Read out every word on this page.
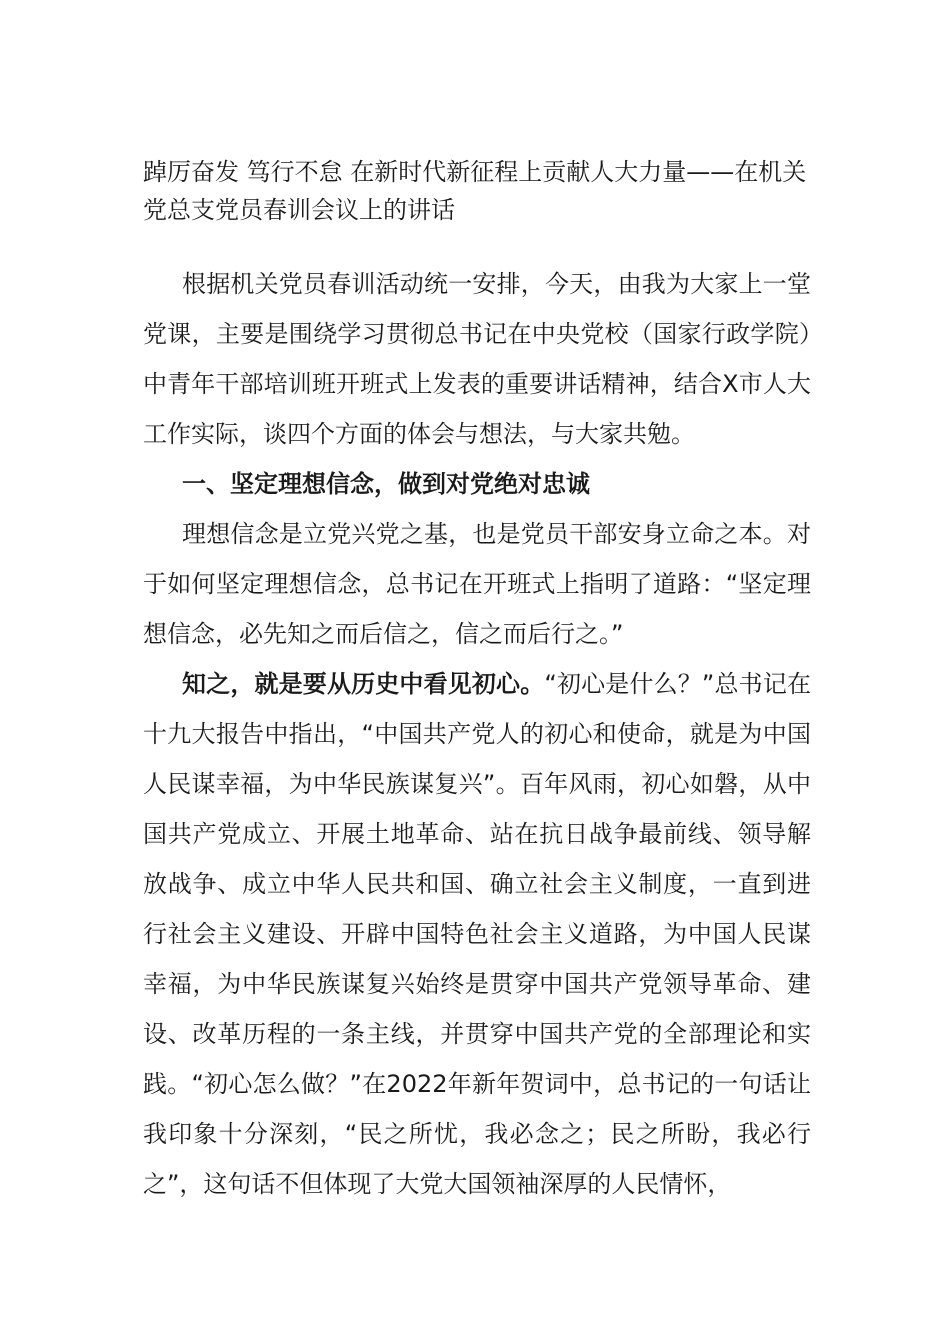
踔厉奋发 笃行不怠 在新时代新征程上贡献人大力量——在机关党总支党员春训会议上的讲话

根据机关党员春训活动统一安排，今天，由我为大家上一堂党课，主要是围绕学习贯彻总书记在中央党校（国家行政学院）中青年干部培训班开班式上发表的重要讲话精神，结合X市人大工作实际，谈四个方面的体会与想法，与大家共勉。

一、坚定理想信念，做到对党绝对忠诚

理想信念是立党兴党之基，也是党员干部安身立命之本。对于如何坚定理想信念，总书记在开班式上指明了道路：“坚定理想信念，必先知之而后信之，信之而后行之。”

知之，就是要从历史中看见初心。“初心是什么？”总书记在十九大报告中指出，“中国共产党人的初心和使命，就是为中国人民谋幸福，为中华民族谋复兴”。百年风雨，初心如磐，从中国共产党成立、开展土地革命、站在抗日战争最前线、领导解放战争、成立中华人民共和国、确立社会主义制度，一直到进行社会主义建设、开辟中国特色社会主义道路，为中国人民谋幸福，为中华民族谋复兴始终是贯穿中国共产党领导革命、建设、改革历程的一条主线，并贯穿中国共产党的全部理论和实践。“初心怎么做？”在2022年新年贺词中，总书记的一句话让我印象十分深刻，“民之所忧，我必念之；民之所盼，我必行之”，这句话不但体现了大党大国领袖深厚的人民情怀，
